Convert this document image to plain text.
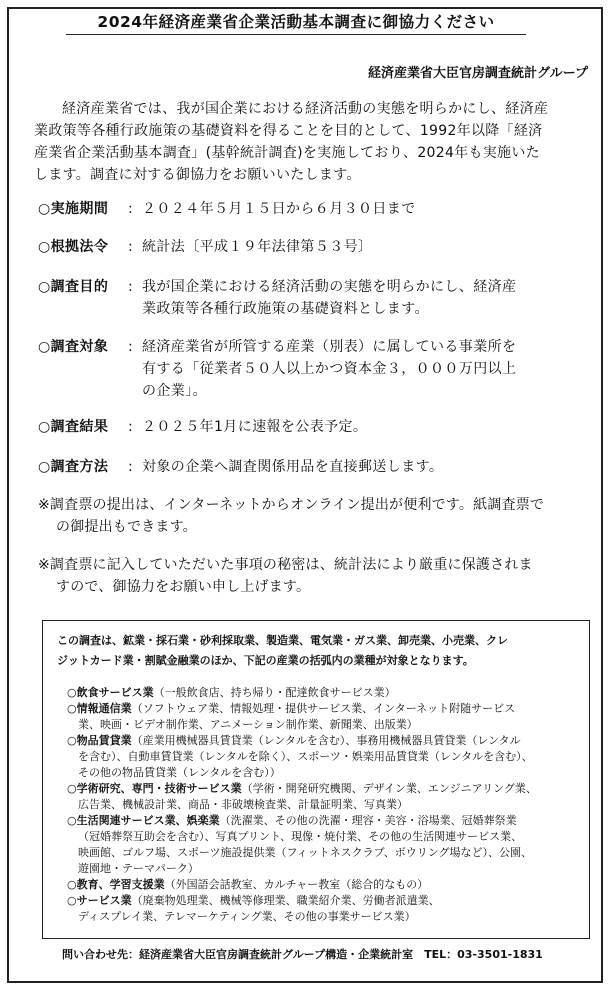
2024年経済産業省企業活動基本調査に御協力ください
経済産業省大臣官房調査統計グループ
経済産業省では、我が国企業における経済活動の実態を明らかにし、経済産
業政策等各種行政施策の基礎資料を得ることを目的として、1992年以降「経済
産業省企業活動基本調査」(基幹統計調査)を実施しており、2024年も実施いた
します。調査に対する御協力をお願いいたします。
○実施期間 : ２０２４年５月１５日から６月３０日まで
○根拠法令 : 統計法〔平成１９年法律第５３号〕
○調査目的 : 我が国企業における経済活動の実態を明らかにし、経済産
業政策等各種行政施策の基礎資料とします。
○調査対象 : 経済産業省が所管する産業（別表）に属している事業所を
有する「従業者５０人以上かつ資本金３，０００万円以上
の企業」。
○調査結果 : ２０２５年1月に速報を公表予定。
○調査方法 : 対象の企業へ調査関係用品を直接郵送します。
※調査票の提出は、インターネットからオンライン提出が便利です。紙調査票で
の御提出もできます。
※調査票に記入していただいた事項の秘密は、統計法により厳重に保護されま
すので、御協力をお願い申し上げます。
この調査は、鉱業・採石業・砂利採取業、製造業、電気業・ガス業、卸売業、小売業、クレ
ジットカード業・割賦金融業のほか、下記の産業の括弧内の業種が対象となります。
○飲食サービス業（一般飲食店、持ち帰り・配達飲食サービス業）
○情報通信業（ソフトウェア業、情報処理・提供サービス業、インターネット附随サービス
業、映画・ビデオ制作業、アニメーション制作業、新聞業、出版業）
○物品賃貸業（産業用機械器具賃貸業（レンタルを含む）、事務用機械器具賃貸業（レンタル
を含む）、自動車賃貸業（レンタルを除く）、スポーツ・娯楽用品賃貸業（レンタルを含む）、
その他の物品賃貸業（レンタルを含む））
○学術研究、専門・技術サービス業（学術・開発研究機関、デザイン業、エンジニアリング業、
広告業、機械設計業、商品・非破壊検査業、計量証明業、写真業）
○生活関連サービス業、娯楽業（洗濯業、その他の洗濯・理容・美容・浴場業、冠婚葬祭業
（冠婚葬祭互助会を含む）、写真プリント、現像・焼付業、その他の生活関連サービス業、
映画館、ゴルフ場、スポーツ施設提供業（フィットネスクラブ、ボウリング場など）、公園、
遊園地・テーマパーク）
○教育、学習支援業（外国語会話教室、カルチャー教室（総合的なもの）
○サービス業（廃棄物処理業、機械等修理業、職業紹介業、労働者派遣業、
ディスプレイ業、テレマーケティング業、その他の事業サービス業）
問い合わせ先：経済産業省大臣官房調査統計グループ構造・企業統計室　TEL：03-3501-1831
